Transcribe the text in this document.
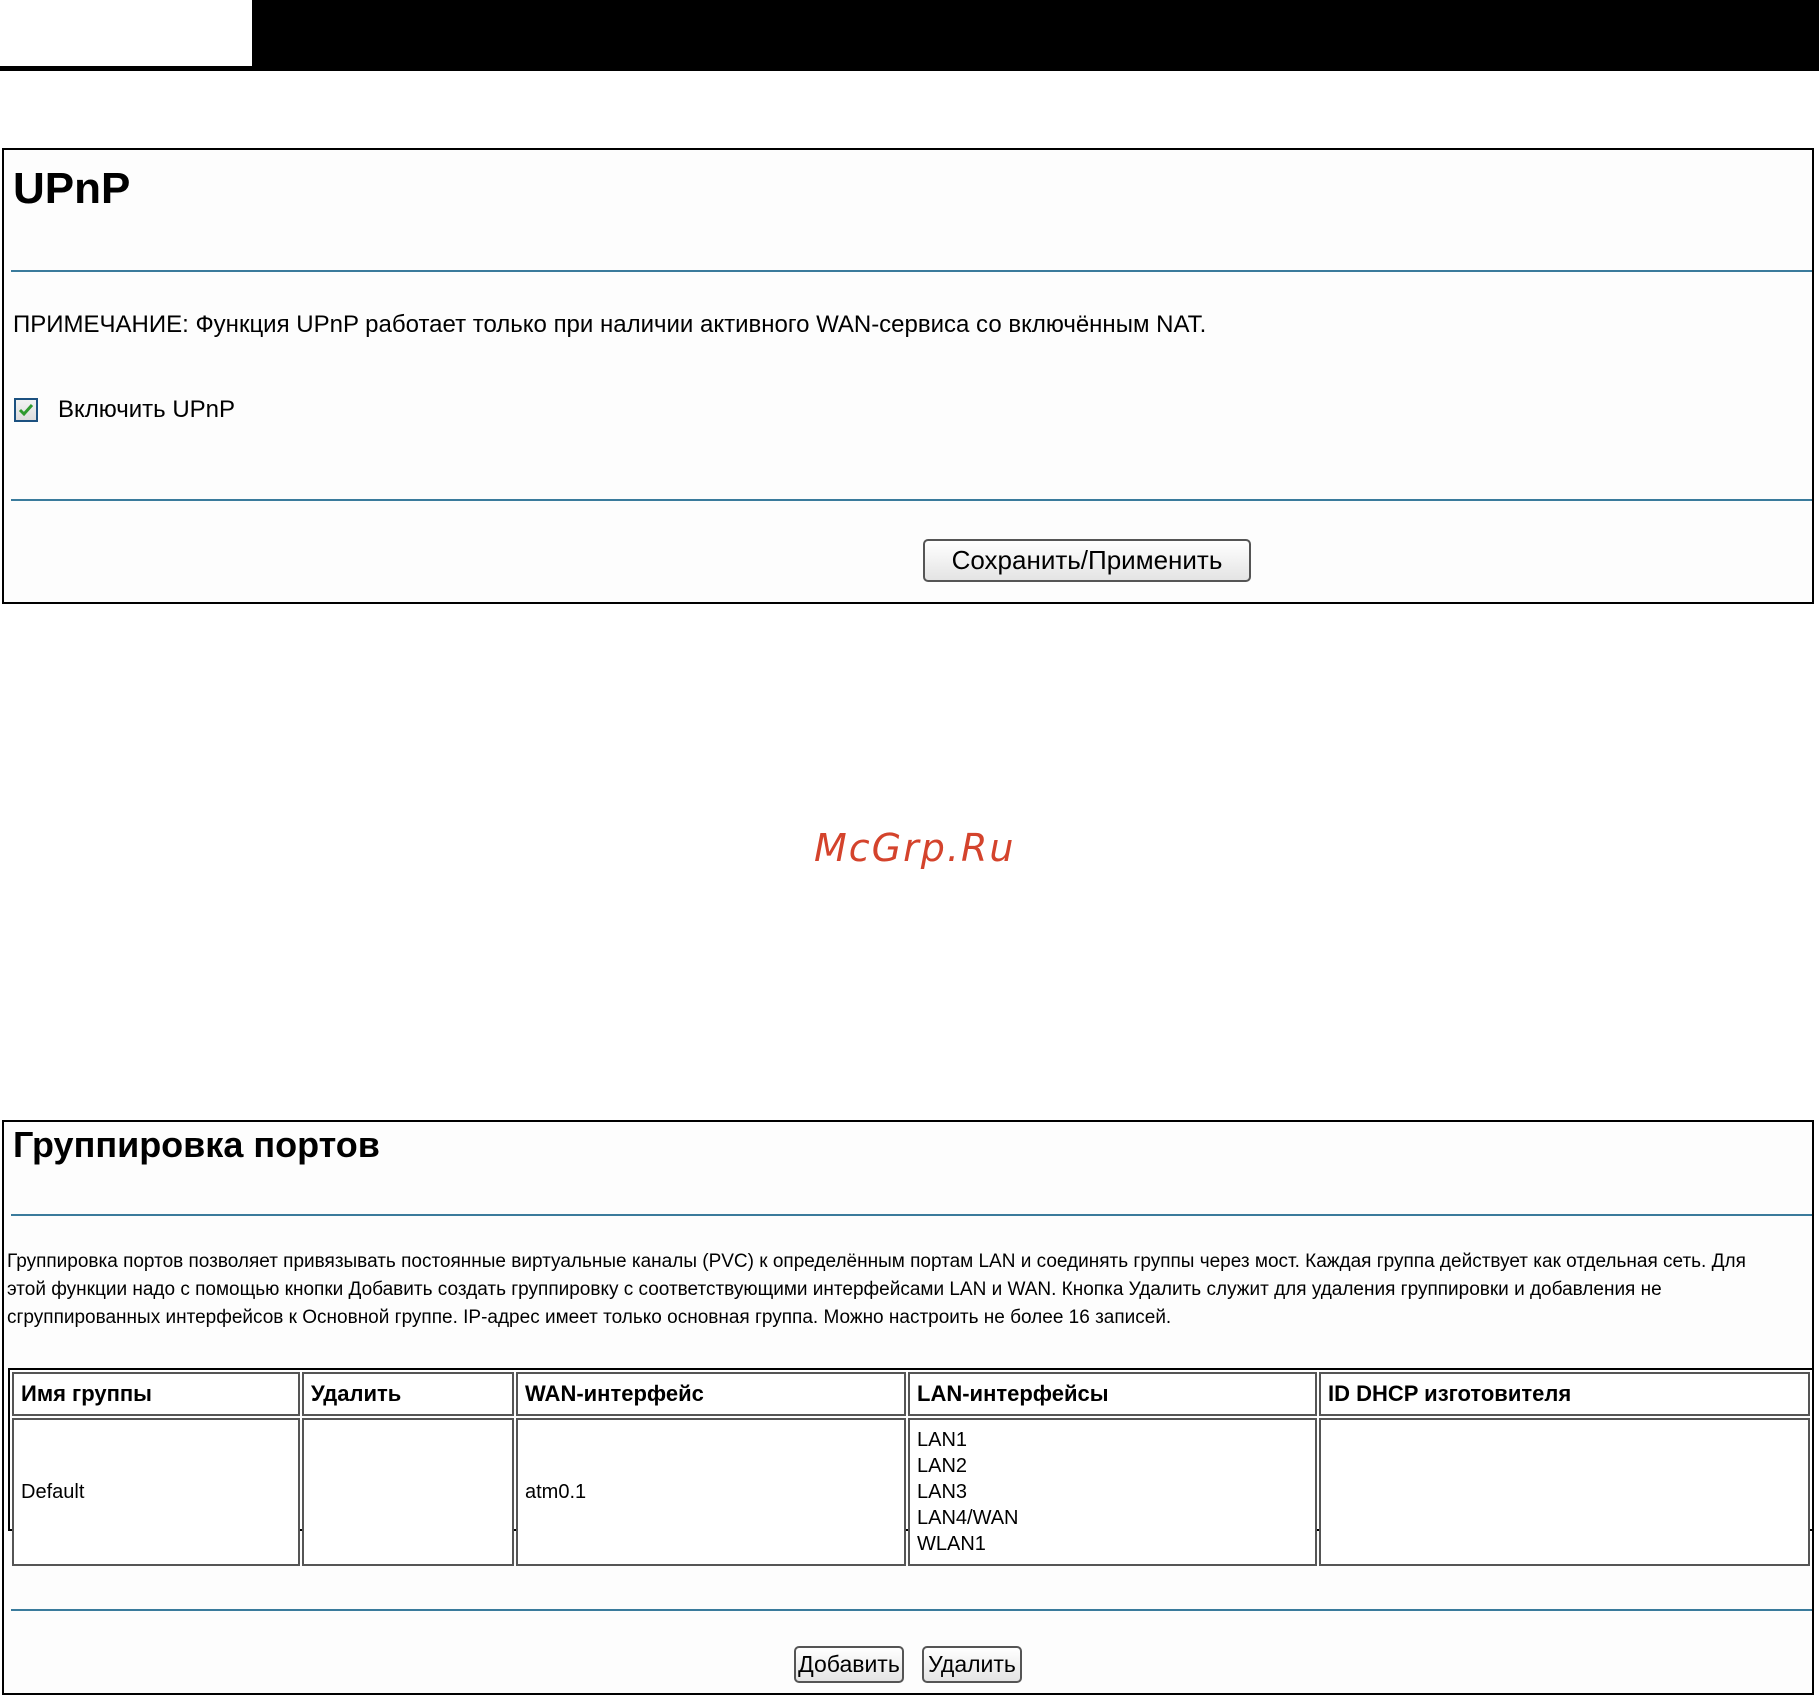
UPnP
ПРИМЕЧАНИЕ: Функция UPnP работает только при наличии активного WAN-сервиса со включённым NAT.
Включить UPnP
Сохранить/Применить
McGrp.Ru
Группировка портов
Группировка портов позволяет привязывать постоянные виртуальные каналы (PVC) к определённым портам LAN и соединять группы через мост. Каждая группа действует как отдельная сеть. Для этой функции надо с помощью кнопки Добавить создать группировку с соответствующими интерфейсами LAN и WAN. Кнопка Удалить служит для удаления группировки и добавления не сгруппированных интерфейсов к Основной группе. IP-адрес имеет только основная группа. Можно настроить не более 16 записей.
Имя группы	Удалить	WAN-интерфейс	LAN-интерфейсы	ID DHCP изготовителя
Default		atm0.1	LAN1
LAN2
LAN3
LAN4/WAN
WLAN1	

Добавить Удалить
